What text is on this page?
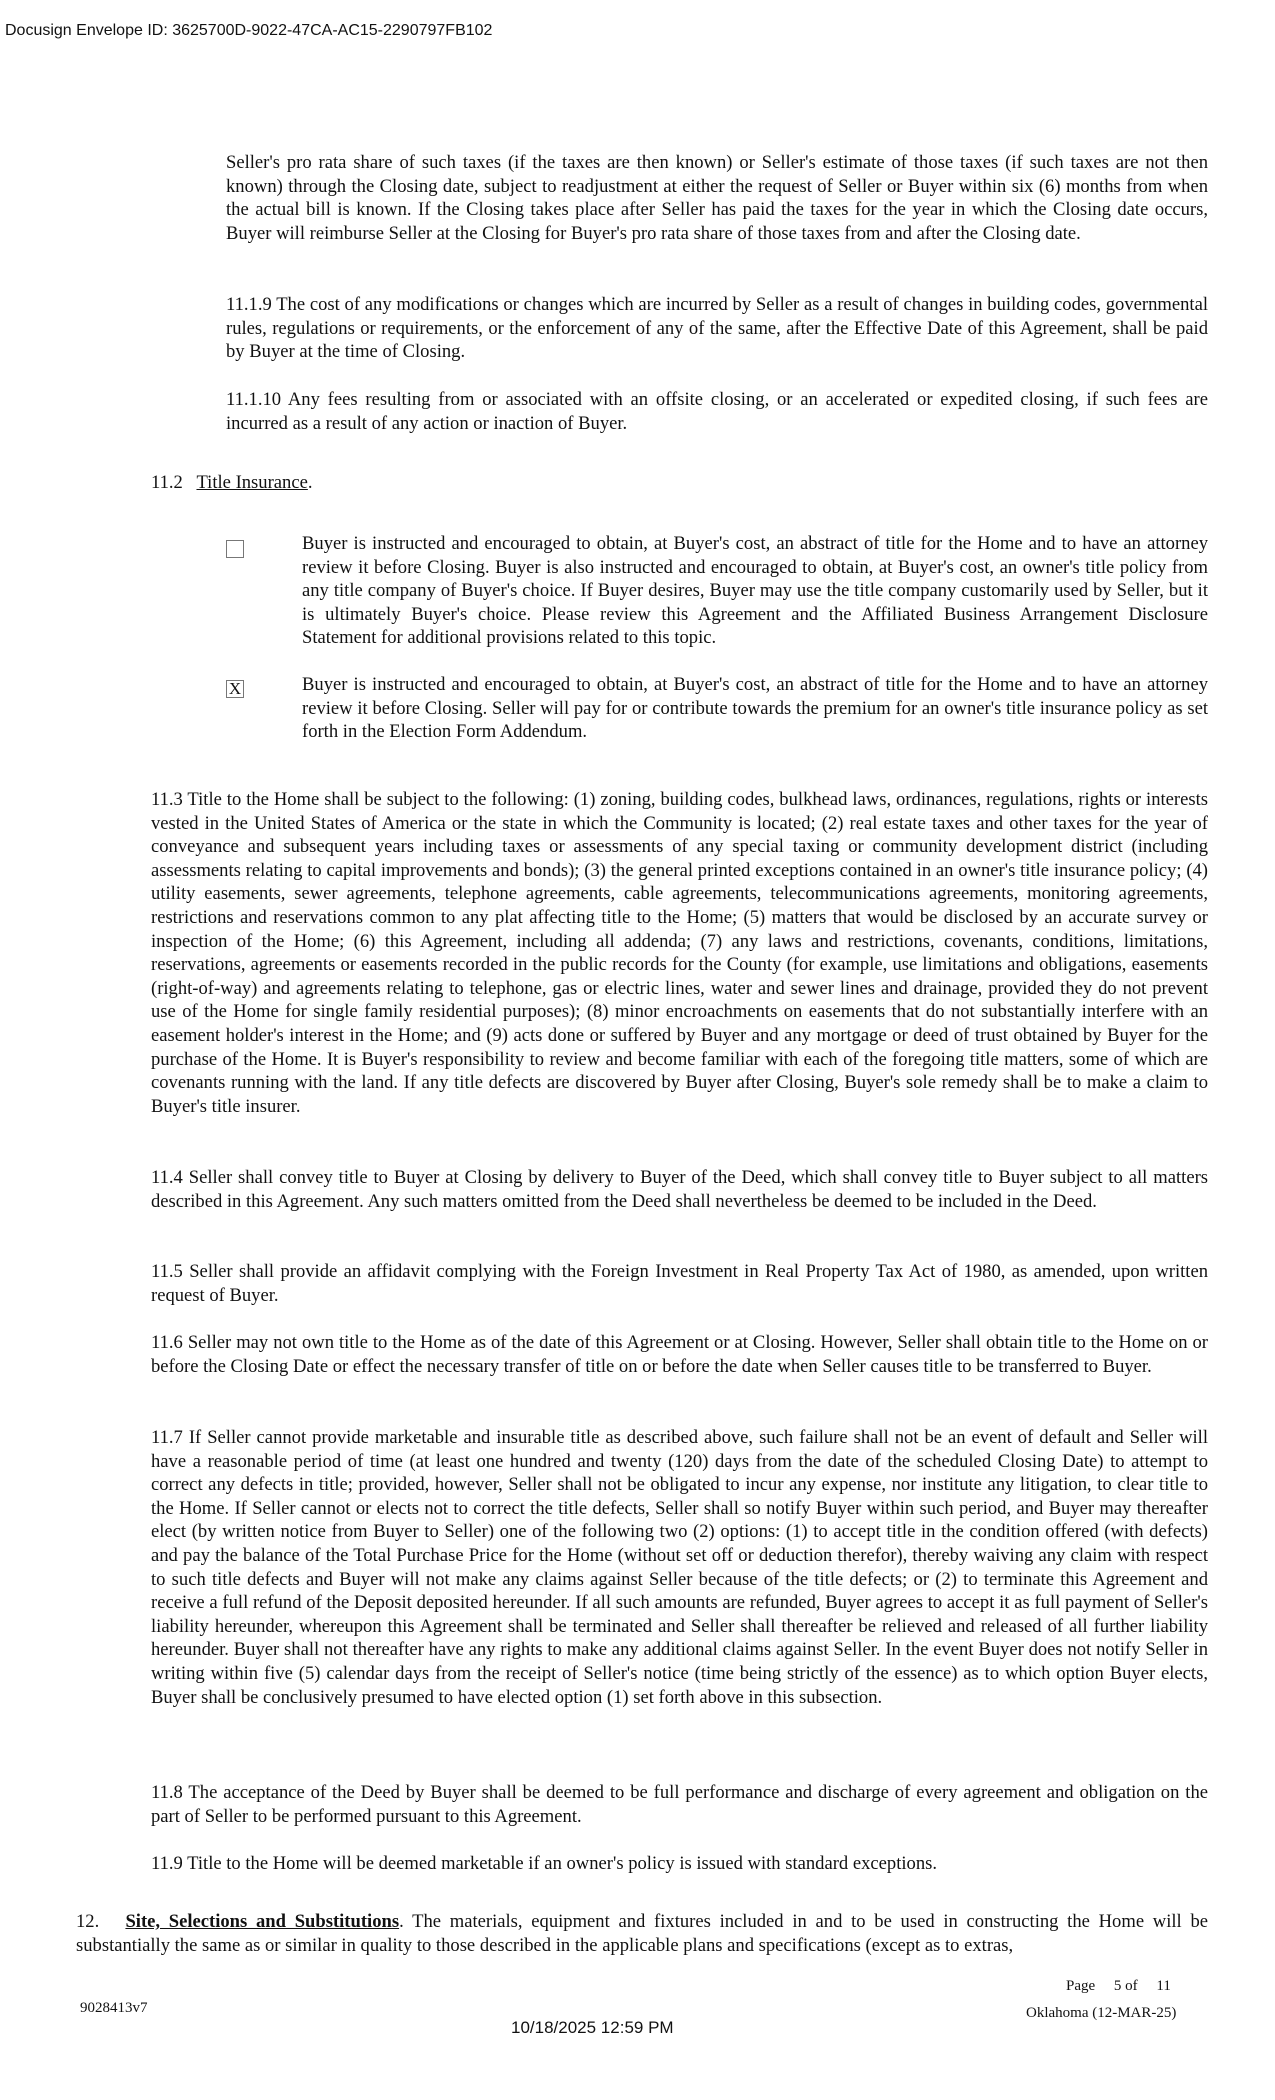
Docusign Envelope ID: 3625700D-9022-47CA-AC15-2290797FB102

Seller's pro rata share of such taxes (if the taxes are then known) or Seller's estimate of those taxes (if such taxes are not then known) through the Closing date, subject to readjustment at either the request of Seller or Buyer within six (6) months from when the actual bill is known. If the Closing takes place after Seller has paid the taxes for the year in which the Closing date occurs, Buyer will reimburse Seller at the Closing for Buyer's pro rata share of those taxes from and after the Closing date.

11.1.9 The cost of any modifications or changes which are incurred by Seller as a result of changes in building codes, governmental rules, regulations or requirements, or the enforcement of any of the same, after the Effective Date of this Agreement, shall be paid by Buyer at the time of Closing.

11.1.10 Any fees resulting from or associated with an offsite closing, or an accelerated or expedited closing, if such fees are incurred as a result of any action or inaction of Buyer.

11.2 Title Insurance.

Buyer is instructed and encouraged to obtain, at Buyer's cost, an abstract of title for the Home and to have an attorney review it before Closing. Buyer is also instructed and encouraged to obtain, at Buyer's cost, an owner's title policy from any title company of Buyer's choice. If Buyer desires, Buyer may use the title company customarily used by Seller, but it is ultimately Buyer's choice. Please review this Agreement and the Affiliated Business Arrangement Disclosure Statement for additional provisions related to this topic.

X	Buyer is instructed and encouraged to obtain, at Buyer's cost, an abstract of title for the Home and to have an attorney review it before Closing. Seller will pay for or contribute towards the premium for an owner's title insurance policy as set forth in the Election Form Addendum.

11.3 Title to the Home shall be subject to the following: (1) zoning, building codes, bulkhead laws, ordinances, regulations, rights or interests vested in the United States of America or the state in which the Community is located; (2) real estate taxes and other taxes for the year of conveyance and subsequent years including taxes or assessments of any special taxing or community development district (including assessments relating to capital improvements and bonds); (3) the general printed exceptions contained in an owner's title insurance policy; (4) utility easements, sewer agreements, telephone agreements, cable agreements, telecommunications agreements, monitoring agreements, restrictions and reservations common to any plat affecting title to the Home; (5) matters that would be disclosed by an accurate survey or inspection of the Home; (6) this Agreement, including all addenda; (7) any laws and restrictions, covenants, conditions, limitations, reservations, agreements or easements recorded in the public records for the County (for example, use limitations and obligations, easements (right-of-way) and agreements relating to telephone, gas or electric lines, water and sewer lines and drainage, provided they do not prevent use of the Home for single family residential purposes); (8) minor encroachments on easements that do not substantially interfere with an easement holder's interest in the Home; and (9) acts done or suffered by Buyer and any mortgage or deed of trust obtained by Buyer for the purchase of the Home. It is Buyer's responsibility to review and become familiar with each of the foregoing title matters, some of which are covenants running with the land. If any title defects are discovered by Buyer after Closing, Buyer's sole remedy shall be to make a claim to Buyer's title insurer.

11.4 Seller shall convey title to Buyer at Closing by delivery to Buyer of the Deed, which shall convey title to Buyer subject to all matters described in this Agreement. Any such matters omitted from the Deed shall nevertheless be deemed to be included in the Deed.

11.5 Seller shall provide an affidavit complying with the Foreign Investment in Real Property Tax Act of 1980, as amended, upon written request of Buyer.

11.6 Seller may not own title to the Home as of the date of this Agreement or at Closing. However, Seller shall obtain title to the Home on or before the Closing Date or effect the necessary transfer of title on or before the date when Seller causes title to be transferred to Buyer.

11.7 If Seller cannot provide marketable and insurable title as described above, such failure shall not be an event of default and Seller will have a reasonable period of time (at least one hundred and twenty (120) days from the date of the scheduled Closing Date) to attempt to correct any defects in title; provided, however, Seller shall not be obligated to incur any expense, nor institute any litigation, to clear title to the Home. If Seller cannot or elects not to correct the title defects, Seller shall so notify Buyer within such period, and Buyer may thereafter elect (by written notice from Buyer to Seller) one of the following two (2) options: (1) to accept title in the condition offered (with defects) and pay the balance of the Total Purchase Price for the Home (without set off or deduction therefor), thereby waiving any claim with respect to such title defects and Buyer will not make any claims against Seller because of the title defects; or (2) to terminate this Agreement and receive a full refund of the Deposit deposited hereunder. If all such amounts are refunded, Buyer agrees to accept it as full payment of Seller's liability hereunder, whereupon this Agreement shall be terminated and Seller shall thereafter be relieved and released of all further liability hereunder. Buyer shall not thereafter have any rights to make any additional claims against Seller. In the event Buyer does not notify Seller in writing within five (5) calendar days from the receipt of Seller's notice (time being strictly of the essence) as to which option Buyer elects, Buyer shall be conclusively presumed to have elected option (1) set forth above in this subsection.

11.8 The acceptance of the Deed by Buyer shall be deemed to be full performance and discharge of every agreement and obligation on the part of Seller to be performed pursuant to this Agreement.

11.9 Title to the Home will be deemed marketable if an owner's policy is issued with standard exceptions.

12. Site, Selections and Substitutions. The materials, equipment and fixtures included in and to be used in constructing the Home will be substantially the same as or similar in quality to those described in the applicable plans and specifications (except as to extras,

Page 5 of 11
9028413v7	Oklahoma (12-MAR-25)
10/18/2025 12:59 PM
